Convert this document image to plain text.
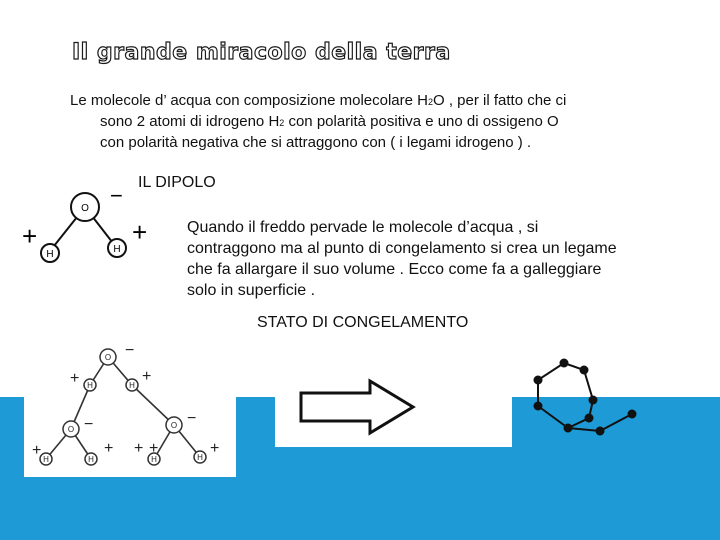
Il grande miracolo della terra

Le molecole d’ acqua con composizione molecolare H2O , per il fatto che ci

sono 2 atomi di idrogeno H2 con polarità positiva e uno di ossigeno O

con polarità negativa che si attraggono con ( i legami idrogeno ) .

IL DIPOLO
O
H	H
−
+	+ Quando il freddo pervade le molecole d’acqua , si
contraggono ma al punto di congelamento si crea un legame
che fa allargare il suo volume . Ecco come fa a galleggiare
solo in superficie .
STATO DI CONGELAMENTO
O
H	H
O	O
H	H	H	H
−
+	+
−	−
+	+ + +	+
